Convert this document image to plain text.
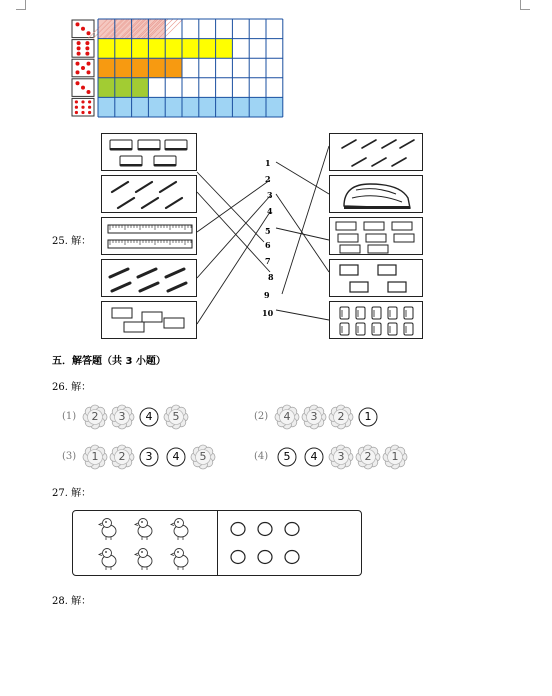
25. 解：
1
2
3
4
5
6
7
8
9
10
五．解答题（共 3 小题）
26. 解：
(1)	2	3	4	5	(2)	4	3	2	1
(3)	1	2	3	4	5	(4)	5	4	3	2	1
27. 解：
28. 解：
